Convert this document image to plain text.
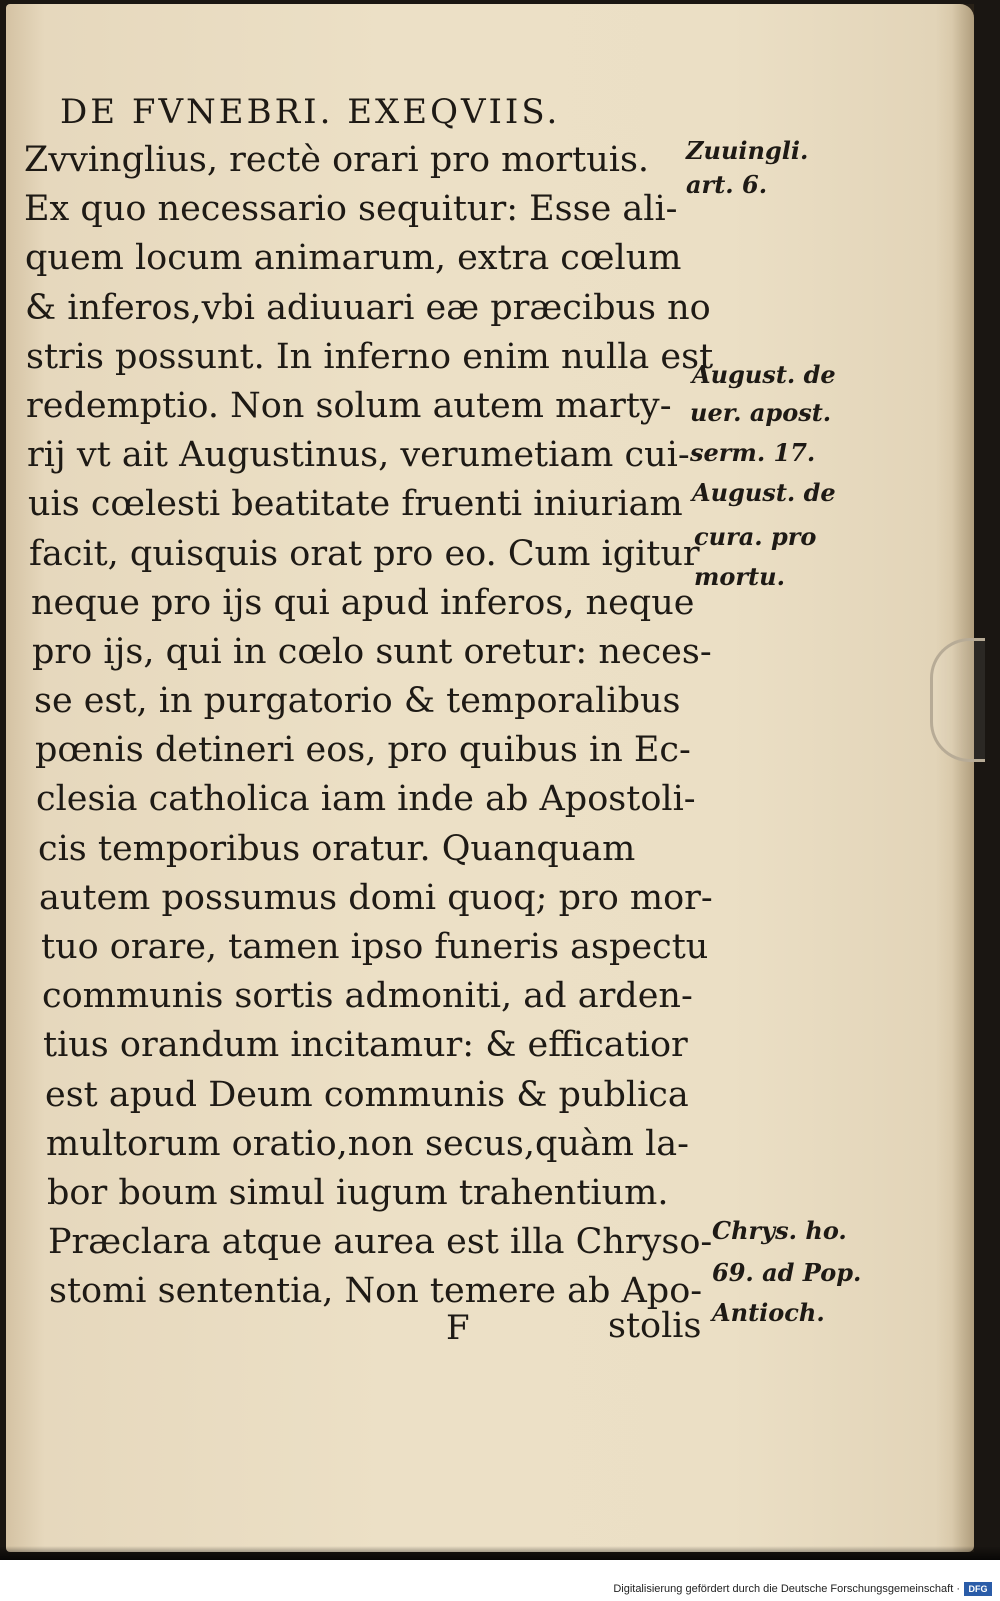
DE FVNEBRI. EXEQVIIS.
Zvvinglius, rectè orari pro mortuis.
Ex quo necessario sequitur: Esse ali-
quem locum animarum, extra cœlum
& inferos,vbi adiuuari eæ præcibus no
stris possunt. In inferno enim nulla est
redemptio. Non solum autem marty-
rij vt ait Augustinus, verumetiam cui-
uis cœlesti beatitate fruenti iniuriam
facit, quisquis orat pro eo. Cum igitur
neque pro ijs qui apud inferos, neque
pro ijs, qui in cœlo sunt oretur: neces-
se est, in purgatorio & temporalibus
pœnis detineri eos, pro quibus in Ec-
clesia catholica iam inde ab Apostoli-
cis temporibus oratur. Quanquam
autem possumus domi quoq; pro mor-
tuo orare, tamen ipso funeris aspectu
communis sortis admoniti, ad arden-
tius orandum incitamur: & efficatior
est apud Deum communis & publica
multorum oratio,non secus,quàm la-
bor boum simul iugum trahentium.
Præclara atque aurea est illa Chryso-
stomi sententia, Non temere ab Apo-
Zuuingli.
art. 6.
August. de
uer. apost.
serm. 17.
August. de
cura. pro
mortu.
Chrys. ho.
69. ad Pop.
Antioch.
F	stolis
Digitalisierung gefördert durch die Deutsche Forschungsgemeinschaft · DFG
